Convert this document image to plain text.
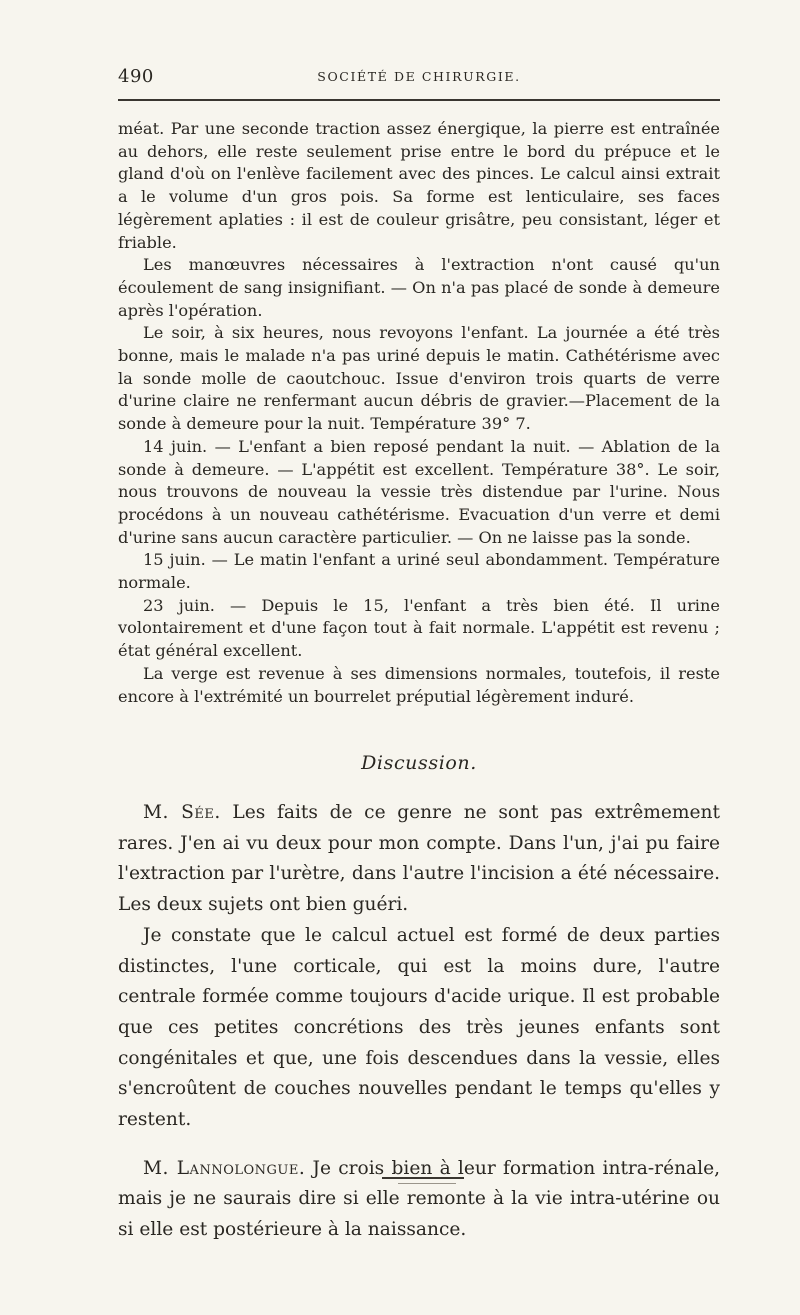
490	SOCIÉTÉ DE CHIRURGIE.

méat. Par une seconde traction assez énergique, la pierre est entraînée au dehors, elle reste seulement prise entre le bord du prépuce et le gland d'où on l'enlève facilement avec des pinces. Le calcul ainsi extrait a le volume d'un gros pois. Sa forme est lenticulaire, ses faces légèrement aplaties : il est de couleur grisâtre, peu consistant, léger et friable.

Les manœuvres nécessaires à l'extraction n'ont causé qu'un écoulement de sang insignifiant. — On n'a pas placé de sonde à demeure après l'opération.

Le soir, à six heures, nous revoyons l'enfant. La journée a été très bonne, mais le malade n'a pas uriné depuis le matin. Cathétérisme avec la sonde molle de caoutchouc. Issue d'environ trois quarts de verre d'urine claire ne renfermant aucun débris de gravier.—Placement de la sonde à demeure pour la nuit. Température 39° 7.

14 juin. — L'enfant a bien reposé pendant la nuit. — Ablation de la sonde à demeure. — L'appétit est excellent. Température 38°. Le soir, nous trouvons de nouveau la vessie très distendue par l'urine. Nous procédons à un nouveau cathétérisme. Evacuation d'un verre et demi d'urine sans aucun caractère particulier. — On ne laisse pas la sonde.

15 juin. — Le matin l'enfant a uriné seul abondamment. Température normale.

23 juin. — Depuis le 15, l'enfant a très bien été. Il urine volontairement et d'une façon tout à fait normale. L'appétit est revenu ; état général excellent.

La verge est revenue à ses dimensions normales, toutefois, il reste encore à l'extrémité un bourrelet préputial légèrement induré.

Discussion.

M. Sée. Les faits de ce genre ne sont pas extrêmement rares. J'en ai vu deux pour mon compte. Dans l'un, j'ai pu faire l'extraction par l'urètre, dans l'autre l'incision a été nécessaire. Les deux sujets ont bien guéri.

Je constate que le calcul actuel est formé de deux parties distinctes, l'une corticale, qui est la moins dure, l'autre centrale formée comme toujours d'acide urique. Il est probable que ces petites concrétions des très jeunes enfants sont congénitales et que, une fois descendues dans la vessie, elles s'encroûtent de couches nouvelles pendant le temps qu'elles y restent.

M. Lannolongue. Je crois bien à leur formation intra-rénale, mais je ne saurais dire si elle remonte à la vie intra-utérine ou si elle est postérieure à la naissance.
